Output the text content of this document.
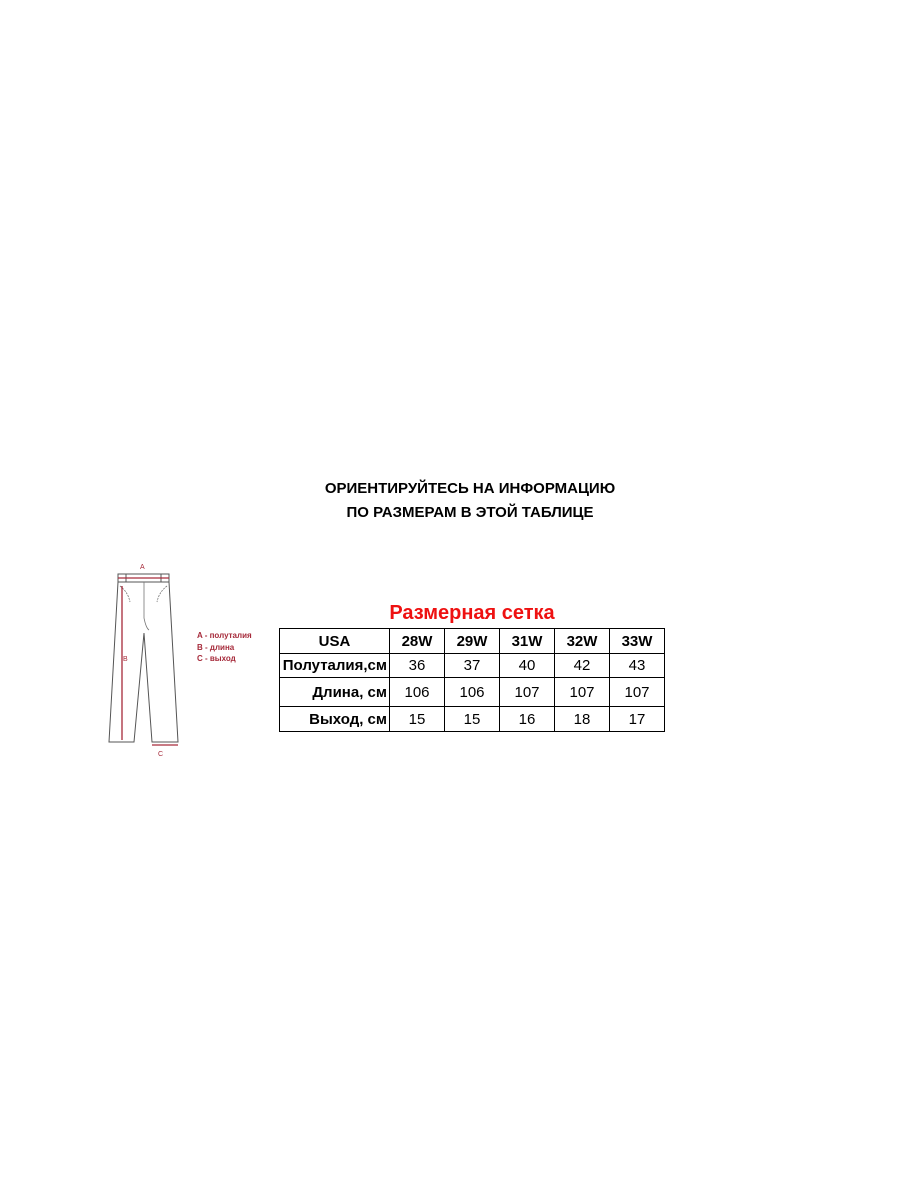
ОРИЕНТИРУЙТЕСЬ НА ИНФОРМАЦИЮ
ПО РАЗМЕРАМ В ЭТОЙ ТАБЛИЦЕ
A
B
C
A - полуталия
B - длина
C - выход
Размерная сетка
USA	28W	29W	31W	32W	33W
Полуталия,см	36	37	40	42	43
Длина, см	106	106	107	107	107
Выход, см	15	15	16	18	17
